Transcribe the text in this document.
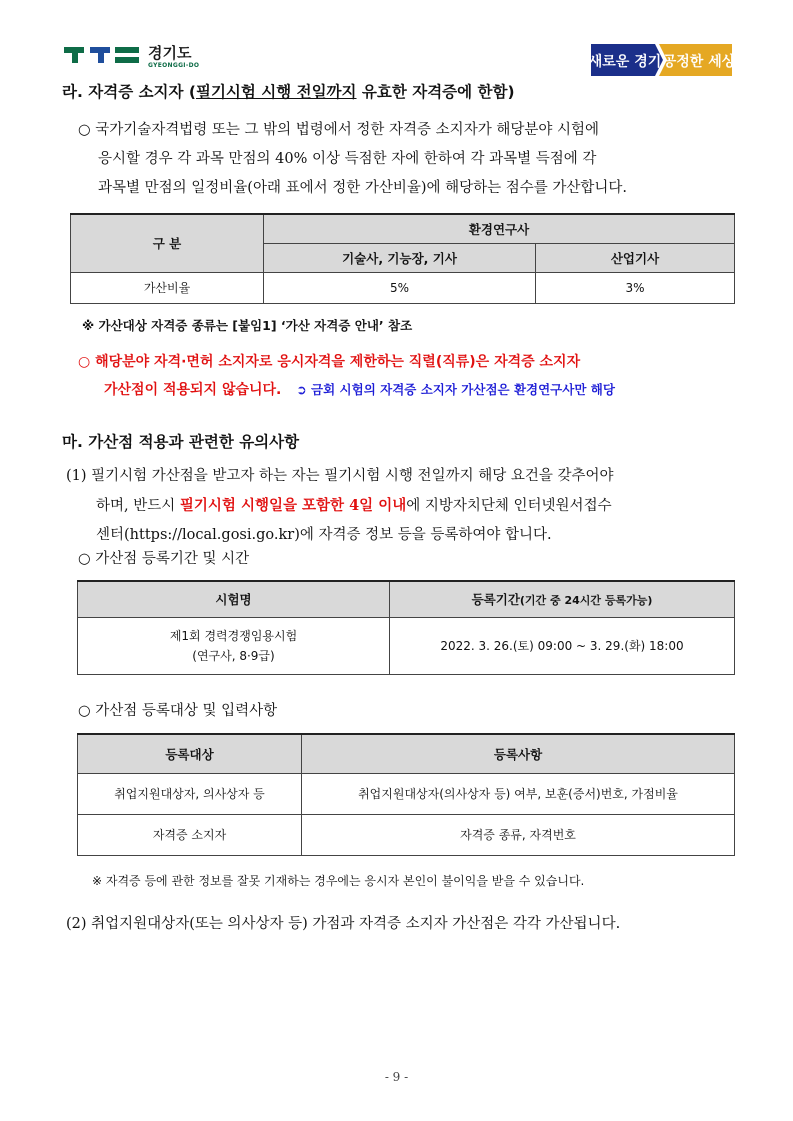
경기도
GYEONGGI-DO	새로운 경기 공정한 세상
라. 자격증 소지자 (필기시험 시행 전일까지 유효한 자격증에 한함)
○ 국가기술자격법령 또는 그 밖의 법령에서 정한 자격증 소지자가 해당분야 시험에
응시할 경우 각 과목 만점의 40% 이상 득점한 자에 한하여 각 과목별 득점에 각
과목별 만점의 일정비율(아래 표에서 정한 가산비율)에 해당하는 점수를 가산합니다.
구 분	환경연구사	
	기술사, 기능장, 기사	산업기사
가산비율	5%	3%
※ 가산대상 자격증 종류는 [붙임1] ‘가산 자격증 안내’ 참조
○ 해당분야 자격·면허 소지자로 응시자격을 제한하는 직렬(직류)은 자격증 소지자
가산점이 적용되지 않습니다. ➲ 금회 시험의 자격증 소지자 가산점은 환경연구사만 해당
마. 가산점 적용과 관련한 유의사항
(1) 필기시험 가산점을 받고자 하는 자는 필기시험 시행 전일까지 해당 요건을 갖추어야
하며, 반드시 필기시험 시행일을 포함한 4일 이내에 지방자치단체 인터넷원서접수
센터(https://local.gosi.go.kr)에 자격증 정보 등을 등록하여야 합니다.
○ 가산점 등록기간 및 시간
시험명	등록기간(기간 중 24시간 등록가능)

제1회 경력경쟁임용시험
(연구사, 8·9급)	2022. 3. 26.(토) 09:00 ~ 3. 29.(화) 18:00
○ 가산점 등록대상 및 입력사항
등록대상	등록사항
취업지원대상자, 의사상자 등	취업지원대상자(의사상자 등) 여부, 보훈(증서)번호, 가점비율
자격증 소지자	자격증 종류, 자격번호
※ 자격증 등에 관한 정보를 잘못 기재하는 경우에는 응시자 본인이 불이익을 받을 수 있습니다.
(2) 취업지원대상자(또는 의사상자 등) 가점과 자격증 소지자 가산점은 각각 가산됩니다.
- 9 -
